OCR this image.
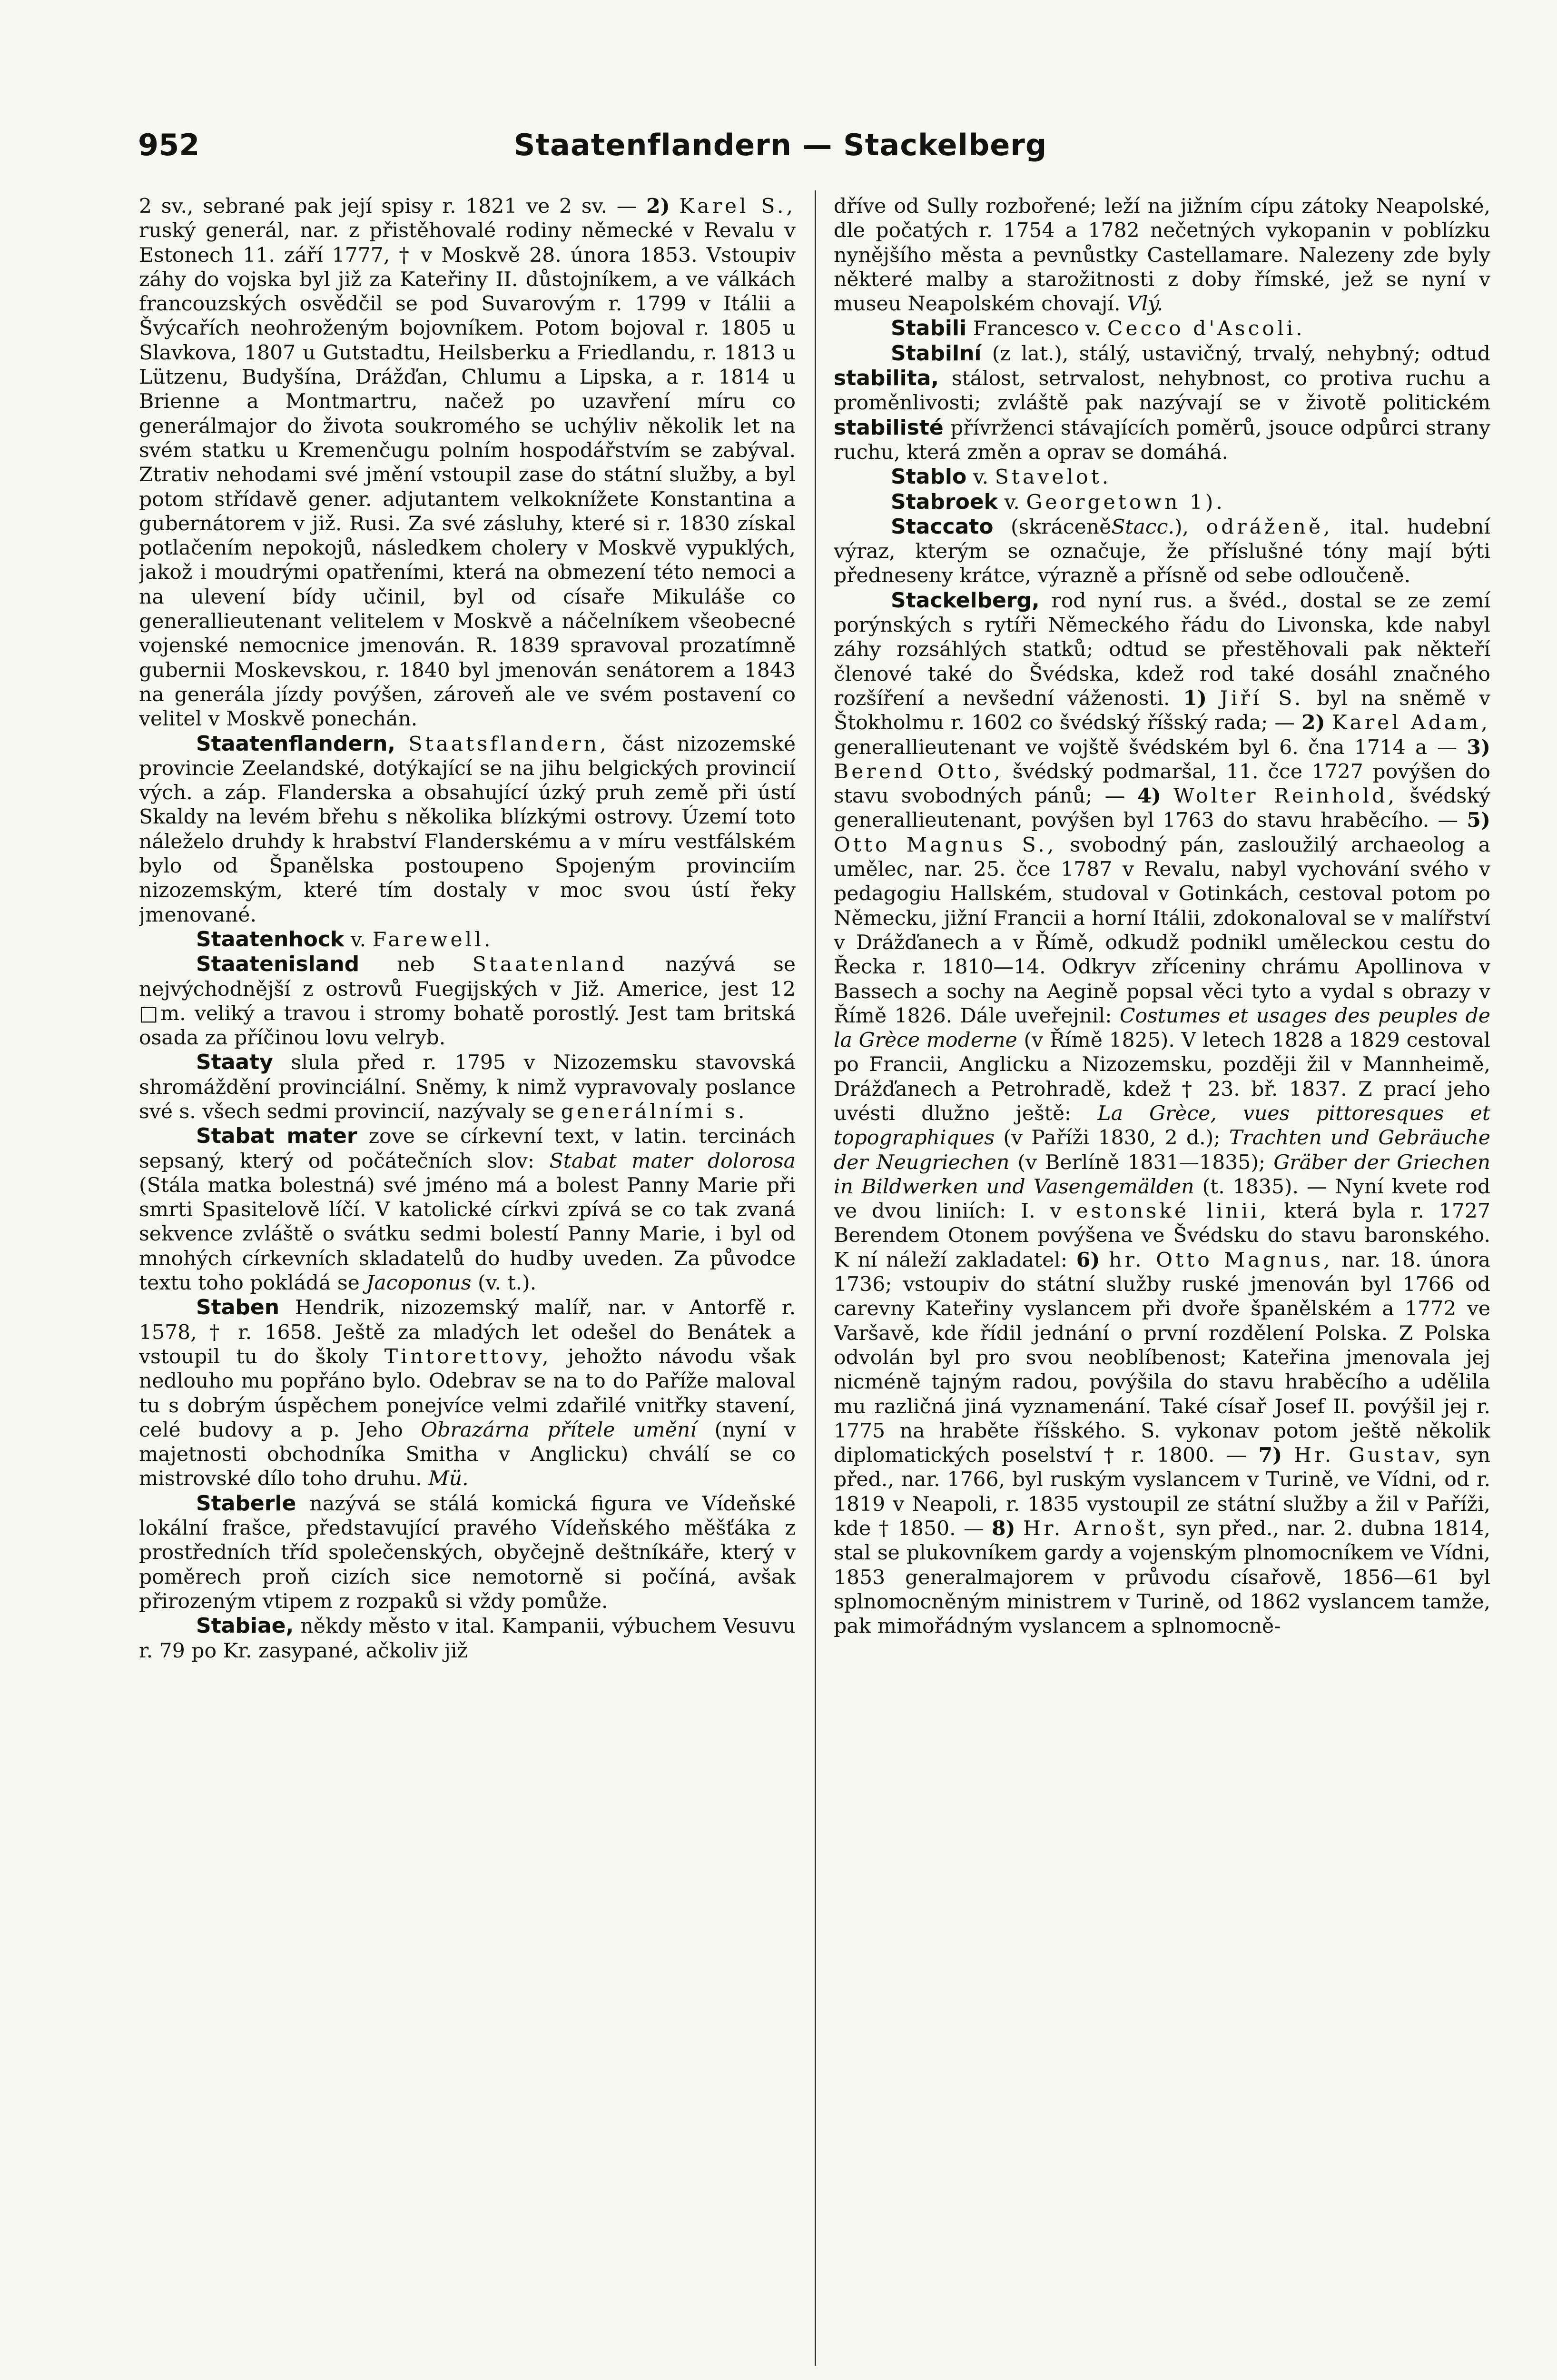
952	Staatenflandern — Stackelberg

2 sv., sebrané pak její spisy r. 1821 ve 2 sv. — 2) Karel S., ruský generál, nar. z přistěhovalé rodiny německé v Revalu v Estonech 11. září 1777, † v Moskvě 28. února 1853. Vstoupiv záhy do vojska byl již za Kateřiny II. důstojníkem, a ve válkách francouzských osvědčil se pod Suvarovým r. 1799 v Itálii a Švýcařích neohroženým bojovníkem. Potom bojoval r. 1805 u Slavkova, 1807 u Gutstadtu, Heilsberku a Friedlandu, r. 1813 u Lützenu, Budyšína, Drážďan, Chlumu a Lipska, a r. 1814 u Brienne a Montmartru, načež po uzavření míru co generálmajor do života soukromého se uchýliv několik let na svém statku u Kremenčugu polním hospodářstvím se zabýval. Ztrativ nehodami své jmění vstoupil zase do státní služby, a byl potom střídavě gener. adjutantem velkoknížete Konstantina a gubernátorem v již. Rusi. Za své zásluhy, které si r. 1830 získal potlačením nepokojů, následkem cholery v Moskvě vypuklých, jakož i moudrými opatřeními, která na obmezení této nemoci a na ulevení bídy učinil, byl od císaře Mikuláše co generallieutenant velitelem v Moskvě a náčelníkem všeobecné vojenské nemocnice jmenován. R. 1839 spravoval prozatímně gubernii Moskevskou, r. 1840 byl jmenován senátorem a 1843 na generála jízdy povýšen, zároveň ale ve svém postavení co velitel v Moskvě ponechán.

Staatenflandern, Staatsflandern, část nizozemské provincie Zeelandské, dotýkající se na jihu belgických provincií vých. a záp. Flanderska a obsahující úzký pruh země při ústí Skaldy na levém břehu s několika blízkými ostrovy. Území toto náleželo druhdy k hrabství Flanderskému a v míru vestfálském bylo od Španělska postoupeno Spojeným provinciím nizozemským, které tím dostaly v moc svou ústí řeky jmenované.

Staatenhock v. Farewell.

Staatenisland neb Staatenland nazývá se nejvýchodnější z ostrovů Fuegijských v Již. Americe, jest 12 □m. veliký a travou i stromy bohatě porostlý. Jest tam britská osada za příčinou lovu velryb.

Staaty slula před r. 1795 v Nizozemsku stavovská shromáždění provinciální. Sněmy, k nimž vypravovaly poslance své s. všech sedmi provincií, nazývaly se generálními s.

Stabat mater zove se církevní text, v latin. tercinách sepsaný, který od počátečních slov: Stabat mater dolorosa (Stála matka bolestná) své jméno má a bolest Panny Marie při smrti Spasitelově líčí. V katolické církvi zpívá se co tak zvaná sekvence zvláště o svátku sedmi bolestí Panny Marie, i byl od mnohých církevních skladatelů do hudby uveden. Za původce textu toho pokládá se Jacoponus (v. t.).

Staben Hendrik, nizozemský malíř, nar. v Antorfě r. 1578, † r. 1658. Ještě za mladých let odešel do Benátek a vstoupil tu do školy Tintorettovy, jehožto návodu však nedlouho mu popřáno bylo. Odebrav se na to do Paříže maloval tu s dobrým úspěchem ponejvíce velmi zdařilé vnitřky stavení, celé budovy a p. Jeho Obrazárna přítele umění (nyní v majetnosti obchodníka Smitha v Anglicku) chválí se co mistrovské dílo toho druhu. Mü.

Staberle nazývá se stálá komická figura ve Vídeňské lokální frašce, představující pravého Vídeňského měšťáka z prostředních tříd společenských, obyčejně deštníkáře, který v poměrech proň cizích sice nemotorně si počíná, avšak přirozeným vtipem z rozpaků si vždy pomůže.

Stabiae, někdy město v ital. Kampanii, výbuchem Vesuvu r. 79 po Kr. zasypané, ačkoliv již

dříve od Sully rozbořené; leží na jižním cípu zátoky Neapolské, dle počatých r. 1754 a 1782 nečetných vykopanin v poblízku nynějšího města a pevnůstky Castellamare. Nalezeny zde byly některé malby a starožitnosti z doby římské, jež se nyní v museu Neapolském chovají. Vlý.

Stabili Francesco v. Cecco d'Ascoli.

Stabilní (z lat.), stálý, ustavičný, trvalý, nehybný; odtud stabilita, stálost, setrvalost, nehybnost, co protiva ruchu a proměnlivosti; zvláště pak nazývají se v životě politickém stabilisté přívrženci stávajících poměrů, jsouce odpůrci strany ruchu, která změn a oprav se domáhá.

Stablo v. Stavelot.

Stabroek v. Georgetown 1).

Staccato (skráceněStacc.), odráženě, ital. hudební výraz, kterým se označuje, že příslušné tóny mají býti předneseny krátce, výrazně a přísně od sebe odloučeně.

Stackelberg, rod nyní rus. a švéd., dostal se ze zemí porýnských s rytíři Německého řádu do Livonska, kde nabyl záhy rozsáhlých statků; odtud se přestěhovali pak někteří členové také do Švédska, kdež rod také dosáhl značného rozšíření a nevšední váženosti. 1) Jiří S. byl na sněmě v Štokholmu r. 1602 co švédský říšský rada; — 2) Karel Adam, generallieutenant ve vojště švédském byl 6. čna 1714 a — 3) Berend Otto, švédský podmaršal, 11. čce 1727 povýšen do stavu svobodných pánů; — 4) Wolter Reinhold, švédský generallieutenant, povýšen byl 1763 do stavu hraběcího. — 5) Otto Magnus S., svobodný pán, zasloužilý archaeolog a umělec, nar. 25. čce 1787 v Revalu, nabyl vychování svého v pedagogiu Hallském, studoval v Gotinkách, cestoval potom po Německu, jižní Francii a horní Itálii, zdokonaloval se v malířství v Drážďanech a v Římě, odkudž podnikl uměleckou cestu do Řecka r. 1810—14. Odkryv zříceniny chrámu Apollinova v Bassech a sochy na Aegině popsal věci tyto a vydal s obrazy v Římě 1826. Dále uveřejnil: Costumes et usages des peuples de la Grèce moderne (v Římě 1825). V letech 1828 a 1829 cestoval po Francii, Anglicku a Nizozemsku, později žil v Mannheimě, Drážďanech a Petrohradě, kdež † 23. bř. 1837. Z prací jeho uvésti dlužno ještě: La Grèce, vues pittoresques et topographiques (v Paříži 1830, 2 d.); Trachten und Gebräuche der Neugriechen (v Berlíně 1831—1835); Gräber der Griechen in Bildwerken und Vasengemälden (t. 1835). — Nyní kvete rod ve dvou liniích: I. v estonské linii, která byla r. 1727 Berendem Otonem povýšena ve Švédsku do stavu baronského. K ní náleží zakladatel: 6) hr. Otto Magnus, nar. 18. února 1736; vstoupiv do státní služby ruské jmenován byl 1766 od carevny Kateřiny vyslancem při dvoře španělském a 1772 ve Varšavě, kde řídil jednání o první rozdělení Polska. Z Polska odvolán byl pro svou neoblíbenost; Kateřina jmenovala jej nicméně tajným radou, povýšila do stavu hraběcího a udělila mu različná jiná vyznamenání. Také císař Josef II. povýšil jej r. 1775 na hraběte říšského. S. vykonav potom ještě několik diplomatických poselství † r. 1800. — 7) Hr. Gustav, syn před., nar. 1766, byl ruským vyslancem v Turině, ve Vídni, od r. 1819 v Neapoli, r. 1835 vystoupil ze státní služby a žil v Paříži, kde † 1850. — 8) Hr. Arnošt, syn před., nar. 2. dubna 1814, stal se plukovníkem gardy a vojenským plnomocníkem ve Vídni, 1853 generalmajorem v průvodu císařově, 1856—61 byl splnomocněným ministrem v Turině, od 1862 vyslancem tamže, pak mimořádným vyslancem a splnomocně-
